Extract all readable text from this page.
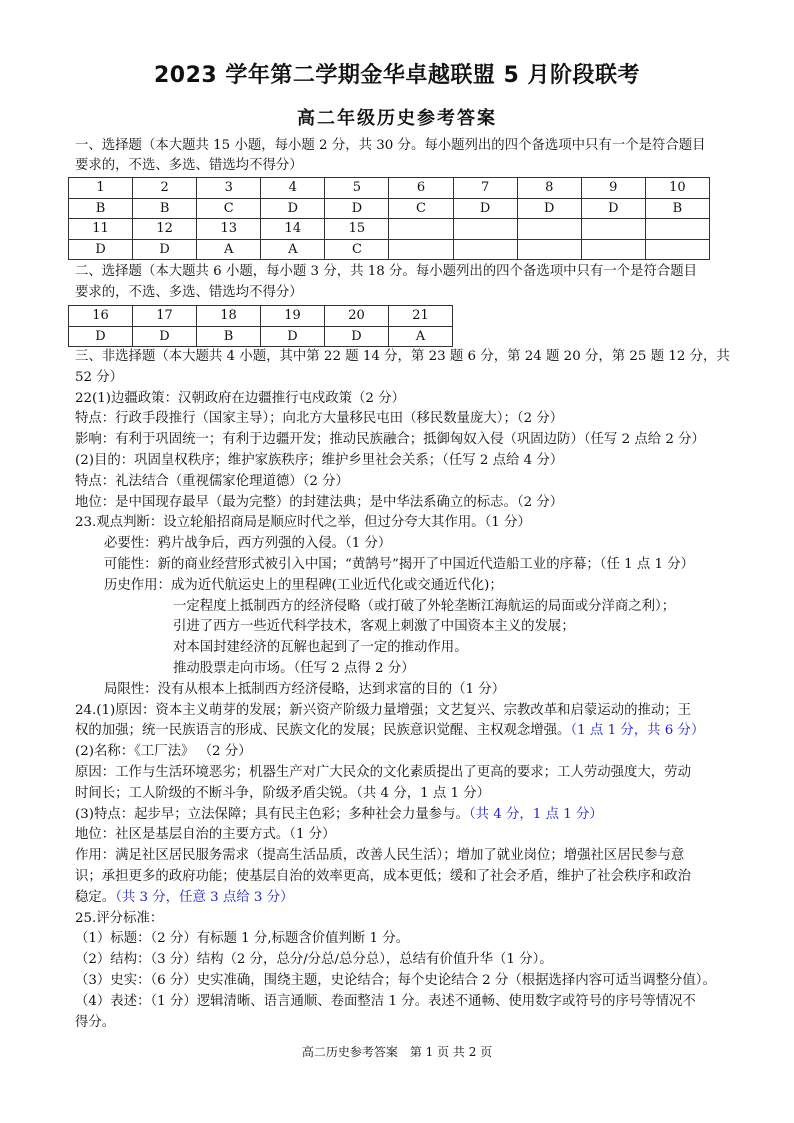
2023 学年第二学期金华卓越联盟 5 月阶段联考
高二年级历史参考答案
一、选择题（本大题共 15 小题，每小题 2 分，共 30 分。每小题列出的四个备选项中只有一个是符合题目
要求的，不选、多选、错选均不得分）
1	2	3	4	5	6	7	8	9	10
B	B	C	D	D	C	D	D	D	B
11	12	13	14	15					
D	D	A	A	C					
二、选择题（本大题共 6 小题，每小题 3 分，共 18 分。每小题列出的四个备选项中只有一个是符合题目
要求的，不选、多选、错选均不得分）
16	17	18	19	20	21
D	D	B	D	D	A
三、非选择题（本大题共 4 小题，其中第 22 题 14 分，第 23 题 6 分，第 24 题 20 分，第 25 题 12 分，共
52 分）
22(1)边疆政策：汉朝政府在边疆推行屯戍政策（2 分）
特点：行政手段推行（国家主导）；向北方大量移民屯田（移民数量庞大）；（2 分）
影响：有利于巩固统一；有利于边疆开发；推动民族融合；抵御匈奴入侵（巩固边防）（任写 2 点给 2 分）
(2)目的：巩固皇权秩序；维护家族秩序；维护乡里社会关系；（任写 2 点给 4 分）
特点：礼法结合（重视儒家伦理道德）（2 分）
地位：是中国现存最早（最为完整）的封建法典；是中华法系确立的标志。（2 分）
23.观点判断：设立轮船招商局是顺应时代之举，但过分夸大其作用。（1 分）
必要性：鸦片战争后，西方列强的入侵。（1 分）
可能性：新的商业经营形式被引入中国；“黄鹄号”揭开了中国近代造船工业的序幕；（任 1 点 1 分）
历史作用：成为近代航运史上的里程碑(工业近代化或交通近代化)；
一定程度上抵制西方的经济侵略（或打破了外轮垄断江海航运的局面或分洋商之利）；
引进了西方一些近代科学技术，客观上刺激了中国资本主义的发展；
对本国封建经济的瓦解也起到了一定的推动作用。
推动股票走向市场。（任写 2 点得 2 分）
局限性：没有从根本上抵制西方经济侵略，达到求富的目的（1 分）
24.(1)原因：资本主义萌芽的发展；新兴资产阶级力量增强；文艺复兴、宗教改革和启蒙运动的推动；王
权的加强；统一民族语言的形成、民族文化的发展；民族意识觉醒、主权观念增强。（1 点 1 分，共 6 分）
(2)名称：《工厂法》 （2 分）
原因：工作与生活环境恶劣；机器生产对广大民众的文化素质提出了更高的要求；工人劳动强度大，劳动
时间长；工人阶级的不断斗争，阶级矛盾尖锐。（共 4 分，1 点 1 分）
(3)特点：起步早；立法保障；具有民主色彩；多种社会力量参与。（共 4 分，1 点 1 分）
地位：社区是基层自治的主要方式。（1 分）
作用：满足社区居民服务需求（提高生活品质，改善人民生活）；增加了就业岗位；增强社区居民参与意
识；承担更多的政府功能；使基层自治的效率更高，成本更低；缓和了社会矛盾，维护了社会秩序和政治
稳定。（共 3 分，任意 3 点给 3 分）
25.评分标准：
（1）标题：（2 分）有标题 1 分,标题含价值判断 1 分。
（2）结构：（3 分）结构（2 分，总分/分总/总分总），总结有价值升华（1 分）。
（3）史实：（6 分）史实准确，围绕主题，史论结合；每个史论结合 2 分（根据选择内容可适当调整分值）。
（4）表述：（1 分）逻辑清晰、语言通顺、卷面整洁 1 分。表述不通畅、使用数字或符号的序号等情况不
得分。
高二历史参考答案　第 1 页 共 2 页
